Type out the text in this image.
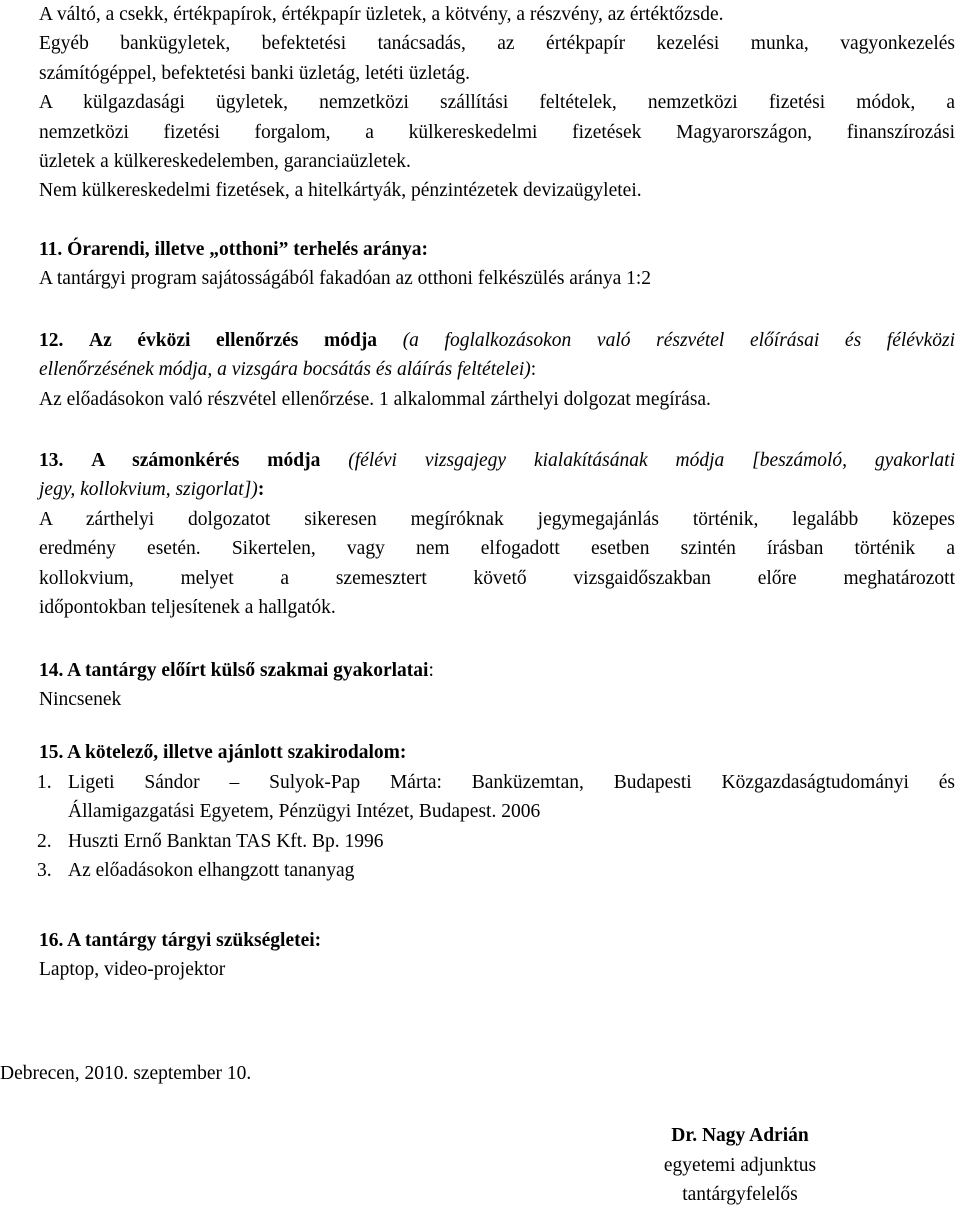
A váltó, a csekk, értékpapírok, értékpapír üzletek, a kötvény, a részvény, az értéktőzsde.
Egyéb bankügyletek, befektetési tanácsadás, az értékpapír kezelési munka, vagyonkezelés
számítógéppel, befektetési banki üzletág, letéti üzletág.
A külgazdasági ügyletek, nemzetközi szállítási feltételek, nemzetközi fizetési módok, a
nemzetközi fizetési forgalom, a külkereskedelmi fizetések Magyarországon, finanszírozási
üzletek a külkereskedelemben, garanciaüzletek.
Nem külkereskedelmi fizetések, a hitelkártyák, pénzintézetek devizaügyletei.
11. Órarendi, illetve „otthoni” terhelés aránya:
A tantárgyi program sajátosságából fakadóan az otthoni felkészülés aránya 1:2
12. Az évközi ellenőrzés módja (a foglalkozásokon való részvétel előírásai és félévközi
ellenőrzésének módja, a vizsgára bocsátás és aláírás feltételei):
Az előadásokon való részvétel ellenőrzése. 1 alkalommal zárthelyi dolgozat megírása.
13. A számonkérés módja (félévi vizsgajegy kialakításának módja [beszámoló, gyakorlati
jegy, kollokvium, szigorlat]):
A zárthelyi dolgozatot sikeresen megíróknak jegymegajánlás történik, legalább közepes
eredmény esetén. Sikertelen, vagy nem elfogadott esetben szintén írásban történik a
kollokvium, melyet a szemesztert követő vizsgaidőszakban előre meghatározott
időpontokban teljesítenek a hallgatók.
14. A tantárgy előírt külső szakmai gyakorlatai:
Nincsenek
15. A kötelező, illetve ajánlott szakirodalom:
1. Ligeti Sándor – Sulyok-Pap Márta: Banküzemtan, Budapesti Közgazdaságtudományi és
Államigazgatási Egyetem, Pénzügyi Intézet, Budapest. 2006
2. Huszti Ernő Banktan TAS Kft. Bp. 1996
3. Az előadásokon elhangzott tananyag
16. A tantárgy tárgyi szükségletei:
Laptop, video-projektor
Debrecen, 2010. szeptember 10.
Dr. Nagy Adrián
egyetemi adjunktus
tantárgyfelelős
